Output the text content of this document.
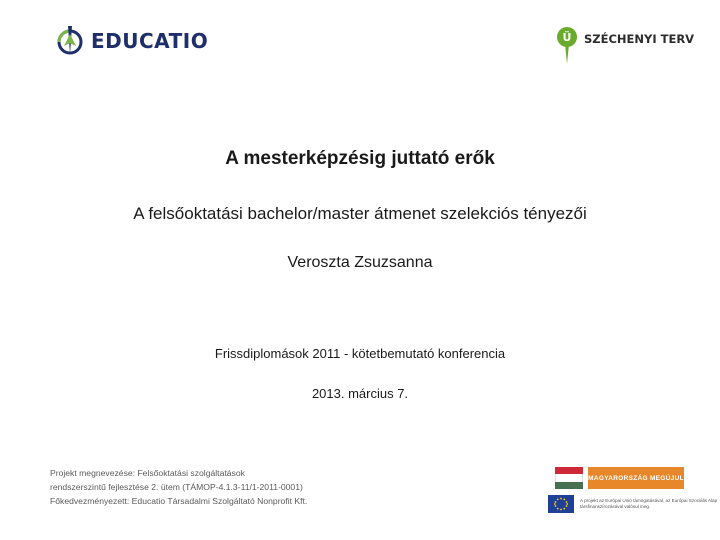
EDUCATIO	Ü SZÉCHENYI TERV
A mesterképzésig juttató erők
A felsőoktatási bachelor/master átmenet szelekciós tényezői
Veroszta Zsuzsanna
Frissdiplomások 2011 - kötetbemutató konferencia
2013. március 7.
Projekt megnevezése: Felsőoktatási szolgáltatások
rendszerszintű fejlesztése 2. ütem (TÁMOP-4.1.3-11/1-2011-0001)
Főkedvezményezett: Educatio Társadalmi Szolgáltató Nonprofit Kft.
MAGYARORSZÁG MEGÚJUL
A projekt az Európai Unió támogatásával, az Európai Szociális Alap társfinanszírozásával valósul meg.
